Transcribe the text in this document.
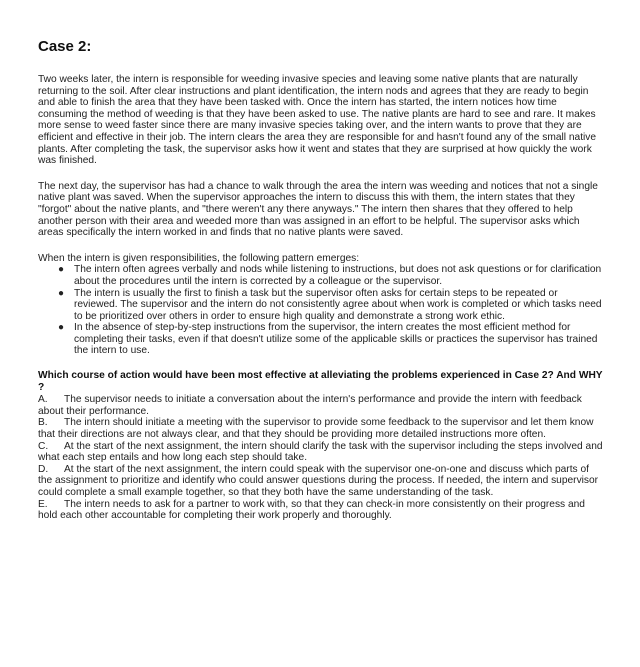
Case 2:

Two weeks later, the intern is responsible for weeding invasive species and leaving some native plants that are naturally returning to the soil. After clear instructions and plant identification, the intern nods and agrees that they are ready to begin and able to finish the area that they have been tasked with. Once the intern has started, the intern notices how time consuming the method of weeding is that they have been asked to use. The native plants are hard to see and rare. It makes more sense to weed faster since there are many invasive species taking over, and the intern wants to prove that they are efficient and effective in their job. The intern clears the area they are responsible for and hasn't found any of the small native plants. After completing the task, the supervisor asks how it went and states that they are surprised at how quickly the work was finished.

The next day, the supervisor has had a chance to walk through the area the intern was weeding and notices that not a single native plant was saved. When the supervisor approaches the intern to discuss this with them, the intern states that they "forgot" about the native plants, and "there weren't any there anyways." The intern then shares that they offered to help another person with their area and weeded more than was assigned in an effort to be helpful. The supervisor asks which areas specifically the intern worked in and finds that no native plants were saved.

When the intern is given responsibilities, the following pattern emerges:

● The intern often agrees verbally and nods while listening to instructions, but does not ask questions or for clarification about the procedures until the intern is corrected by a colleague or the supervisor.
● The intern is usually the first to finish a task but the supervisor often asks for certain steps to be repeated or reviewed. The supervisor and the intern do not consistently agree about when work is completed or which tasks need to be prioritized over others in order to ensure high quality and demonstrate a strong work ethic.
● In the absence of step-by-step instructions from the supervisor, the intern creates the most efficient method for completing their tasks, even if that doesn't utilize some of the applicable skills or practices the supervisor has trained the intern to use.
Which course of action would have been most effective at alleviating the problems experienced in Case 2? And WHY ?
A. The supervisor needs to initiate a conversation about the intern's performance and provide the intern with feedback about their performance.
B. The intern should initiate a meeting with the supervisor to provide some feedback to the supervisor and let them know that their directions are not always clear, and that they should be providing more detailed instructions more often.
C. At the start of the next assignment, the intern should clarify the task with the supervisor including the steps involved and what each step entails and how long each step should take.
D. At the start of the next assignment, the intern could speak with the supervisor one-on-one and discuss which parts of the assignment to prioritize and identify who could answer questions during the process. If needed, the intern and supervisor could complete a small example together, so that they both have the same understanding of the task.
E. The intern needs to ask for a partner to work with, so that they can check-in more consistently on their progress and hold each other accountable for completing their work properly and thoroughly.
